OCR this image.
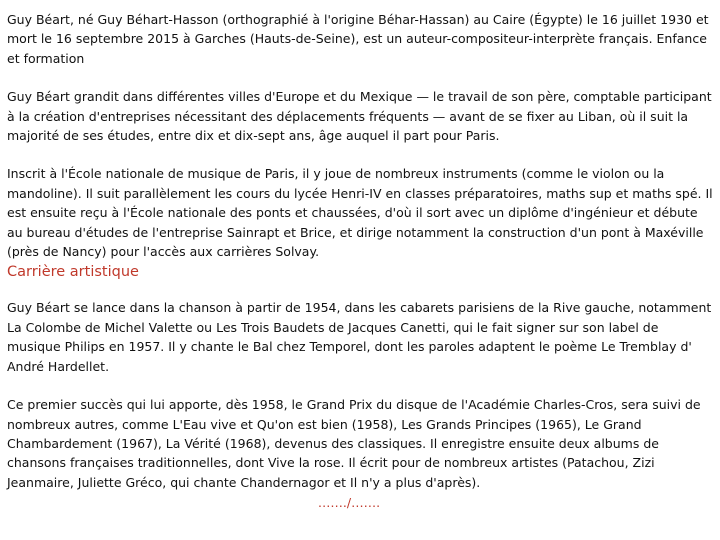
Guy Béart, né Guy Béhart-Hasson (orthographié à l'origine Béhar-Hassan) au Caire (Égypte) le 16 juillet 1930 et mort le 16 septembre 2015 à Garches (Hauts-de-Seine), est un auteur-compositeur-interprète français. Enfance et formation

Guy Béart grandit dans différentes villes d'Europe et du Mexique — le travail de son père, comptable participant à la création d'entreprises nécessitant des déplacements fréquents — avant de se fixer au Liban, où il suit la majorité de ses études, entre dix et dix-sept ans, âge auquel il part pour Paris.

Inscrit à l'École nationale de musique de Paris, il y joue de nombreux instruments (comme le violon ou la mandoline). Il suit parallèlement les cours du lycée Henri-IV en classes préparatoires, maths sup et maths spé. Il est ensuite reçu à l'École nationale des ponts et chaussées, d'où il sort avec un diplôme d'ingénieur et débute au bureau d'études de l'entreprise Sainrapt et Brice, et dirige notamment la construction d'un pont à Maxéville (près de Nancy) pour l'accès aux carrières Solvay.

Carrière artistique

Guy Béart se lance dans la chanson à partir de 1954, dans les cabarets parisiens de la Rive gauche, notamment La Colombe de Michel Valette ou Les Trois Baudets de Jacques Canetti, qui le fait signer sur son label de musique Philips en 1957. Il y chante le Bal chez Temporel, dont les paroles adaptent le poème Le Tremblay d' André Hardellet.

Ce premier succès qui lui apporte, dès 1958, le Grand Prix du disque de l'Académie Charles-Cros, sera suivi de nombreux autres, comme L'Eau vive et Qu'on est bien (1958), Les Grands Principes (1965), Le Grand Chambardement (1967), La Vérité (1968), devenus des classiques. Il enregistre ensuite deux albums de chansons françaises traditionnelles, dont Vive la rose. Il écrit pour de nombreux artistes (Patachou, Zizi Jeanmaire, Juliette Gréco, qui chante Chandernagor et Il n'y a plus d'après).

……./…….
